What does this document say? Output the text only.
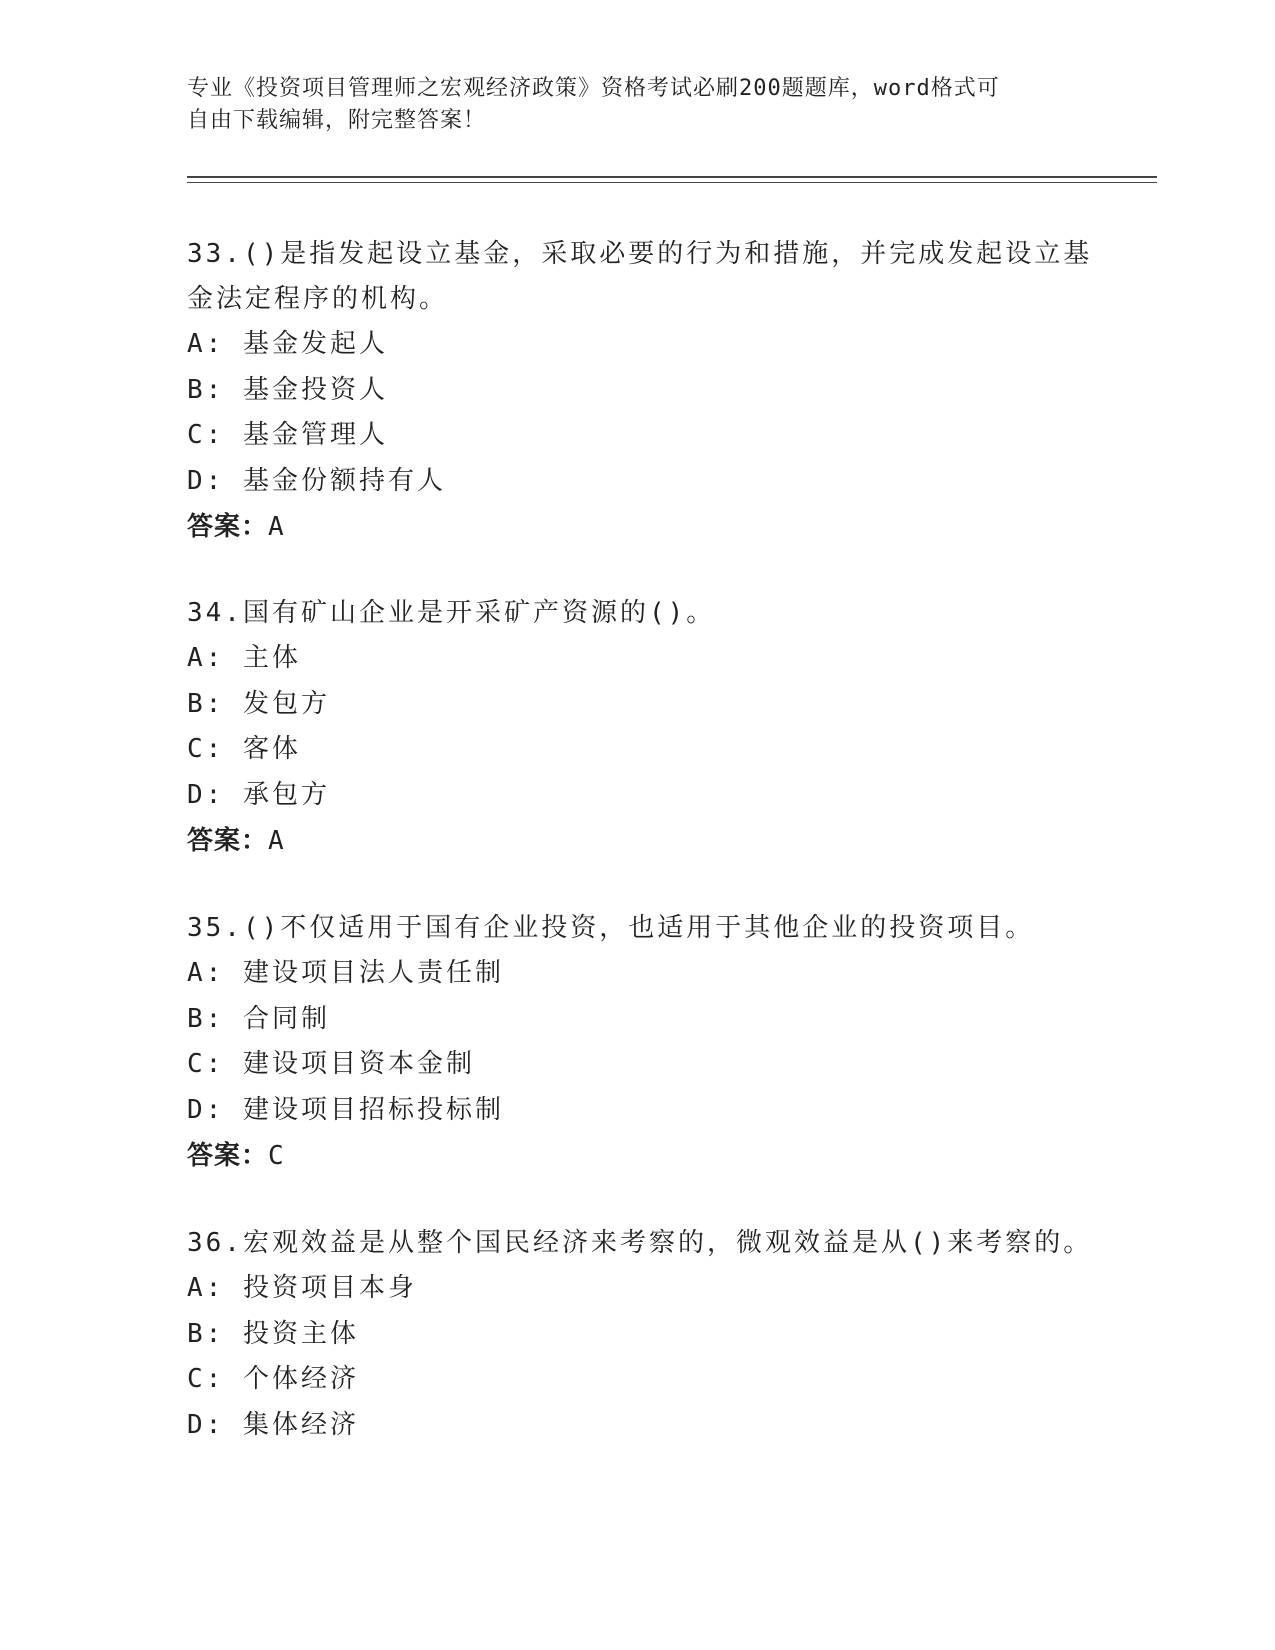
专业《投资项目管理师之宏观经济政策》资格考试必刷200题题库，word格式可
自由下载编辑，附完整答案！
33.()是指发起设立基金，采取必要的行为和措施，并完成发起设立基
金法定程序的机构。
A: 基金发起人
B: 基金投资人
C: 基金管理人
D: 基金份额持有人
答案：A
34.国有矿山企业是开采矿产资源的()。
A: 主体
B: 发包方
C: 客体
D: 承包方
答案：A
35.()不仅适用于国有企业投资，也适用于其他企业的投资项目。
A: 建设项目法人责任制
B: 合同制
C: 建设项目资本金制
D: 建设项目招标投标制
答案：C
36.宏观效益是从整个国民经济来考察的，微观效益是从()来考察的。
A: 投资项目本身
B: 投资主体
C: 个体经济
D: 集体经济
